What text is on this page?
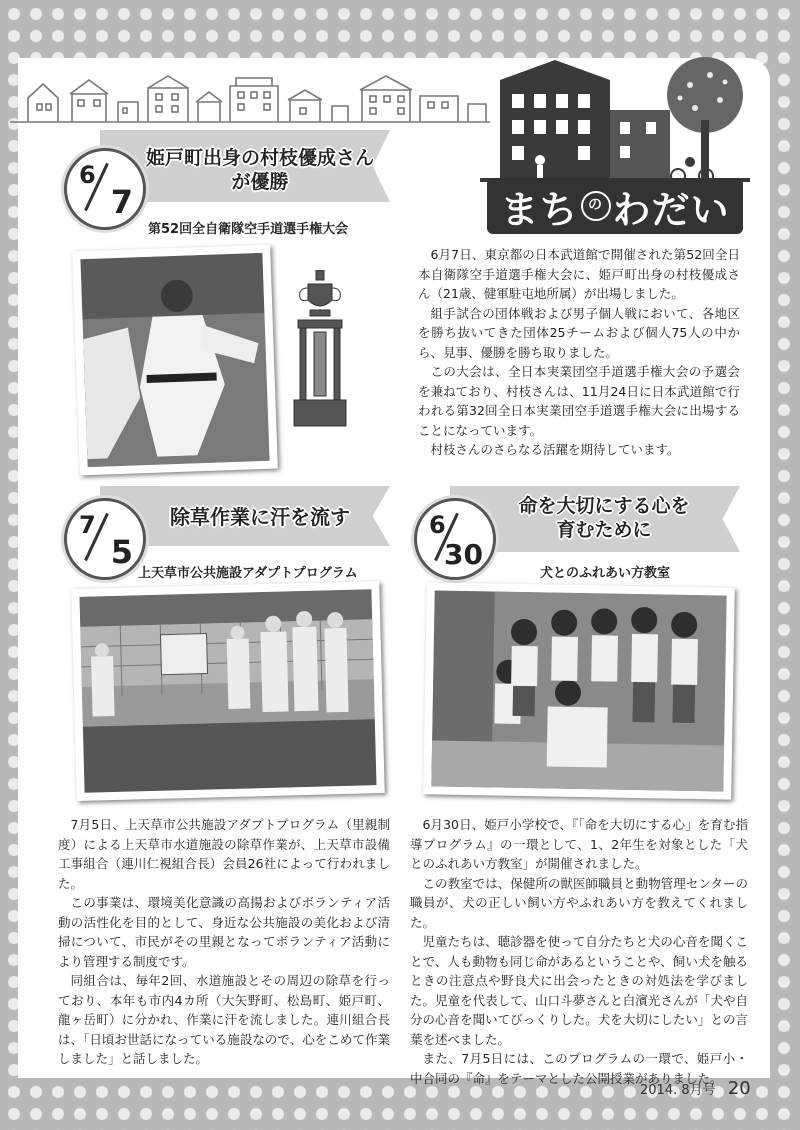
まち の わだい
6
7
姫戸町出身の村枝優成さん
が優勝
第52回全自衛隊空手道選手権大会

6月7日、東京都の日本武道館で開催された第52回全日本自衛隊空手道選手権大会に、姫戸町出身の村枝優成さん（21歳、健軍駐屯地所属）が出場しました。

組手試合の団体戦および男子個人戦において、各地区を勝ち抜いてきた団体25チームおよび個人75人の中から、見事、優勝を勝ち取りました。

この大会は、全日本実業団空手道選手権大会の予選会を兼ねており、村枝さんは、11月24日に日本武道館で行われる第32回全日本実業団空手道選手権大会に出場することになっています。

村枝さんのさらなる活躍を期待しています。

7
5
除草作業に汗を流す
上天草市公共施設アダプトプログラム

7月5日、上天草市公共施設アダプトプログラム（里親制度）による上天草市水道施設の除草作業が、上天草市設備工事組合（連川仁視組合長）会員26社によって行われました。

この事業は、環境美化意識の高揚およびボランティア活動の活性化を目的として、身近な公共施設の美化および清掃について、市民がその里親となってボランティア活動により管理する制度です。

同組合は、毎年2回、水道施設とその周辺の除草を行っており、本年も市内4カ所（大矢野町、松島町、姫戸町、龍ヶ岳町）に分かれ、作業に汗を流しました。連川組合長は、「日頃お世話になっている施設なので、心をこめて作業しました」と話しました。

6
30
命を大切にする心を
育むために
犬とのふれあい方教室

6月30日、姫戸小学校で、『「命を大切にする心」を育む指導プログラム』の一環として、1、2年生を対象とした「犬とのふれあい方教室」が開催されました。

この教室では、保健所の獣医師職員と動物管理センターの職員が、犬の正しい飼い方やふれあい方を教えてくれました。

児童たちは、聴診器を使って自分たちと犬の心音を聞くことで、人も動物も同じ命があるということや、飼い犬を触るときの注意点や野良犬に出会ったときの対処法を学びました。児童を代表して、山口斗夢さんと白濱光さんが「犬や自分の心音を聞いてびっくりした。犬を大切にしたい」との言葉を述べました。

また、7月5日には、このプログラムの一環で、姫戸小・中合同の『命』をテーマとした公開授業がありました。

2014. 8月号 20
